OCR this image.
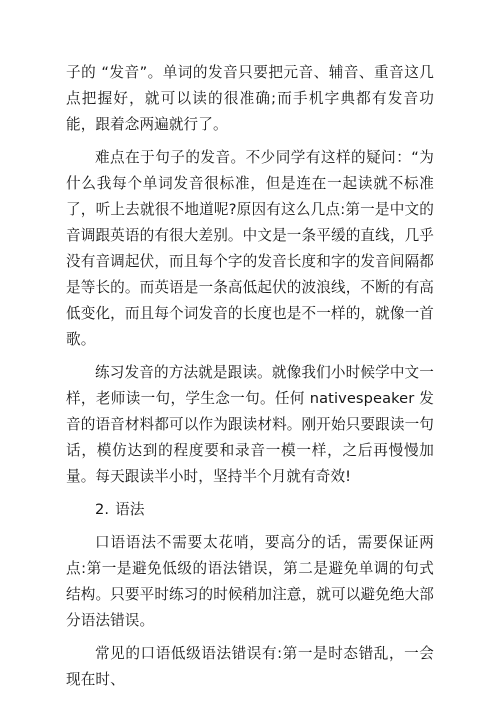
子的 “发音”。单词的发音只要把元音、辅音、重音这几点把握好，就可以读的很准确;而手机字典都有发音功能，跟着念两遍就行了。

难点在于句子的发音。不少同学有这样的疑问：“为什么我每个单词发音很标准，但是连在一起读就不标准了，听上去就很不地道呢?原因有这么几点:第一是中文的音调跟英语的有很大差别。中文是一条平缓的直线，几乎没有音调起伏，而且每个字的发音长度和字的发音间隔都是等长的。而英语是一条高低起伏的波浪线，不断的有高低变化，而且每个词发音的长度也是不一样的，就像一首歌。

练习发音的方法就是跟读。就像我们小时候学中文一样，老师读一句，学生念一句。任何 nativespeaker 发音的语音材料都可以作为跟读材料。刚开始只要跟读一句话，模仿达到的程度要和录音一模一样，之后再慢慢加量。每天跟读半小时，坚持半个月就有奇效!

2. 语法

口语语法不需要太花哨，要高分的话，需要保证两点:第一是避免低级的语法错误，第二是避免单调的句式结构。只要平时练习的时候稍加注意，就可以避免绝大部分语法错误。

常见的口语低级语法错误有:第一是时态错乱，一会现在时、
